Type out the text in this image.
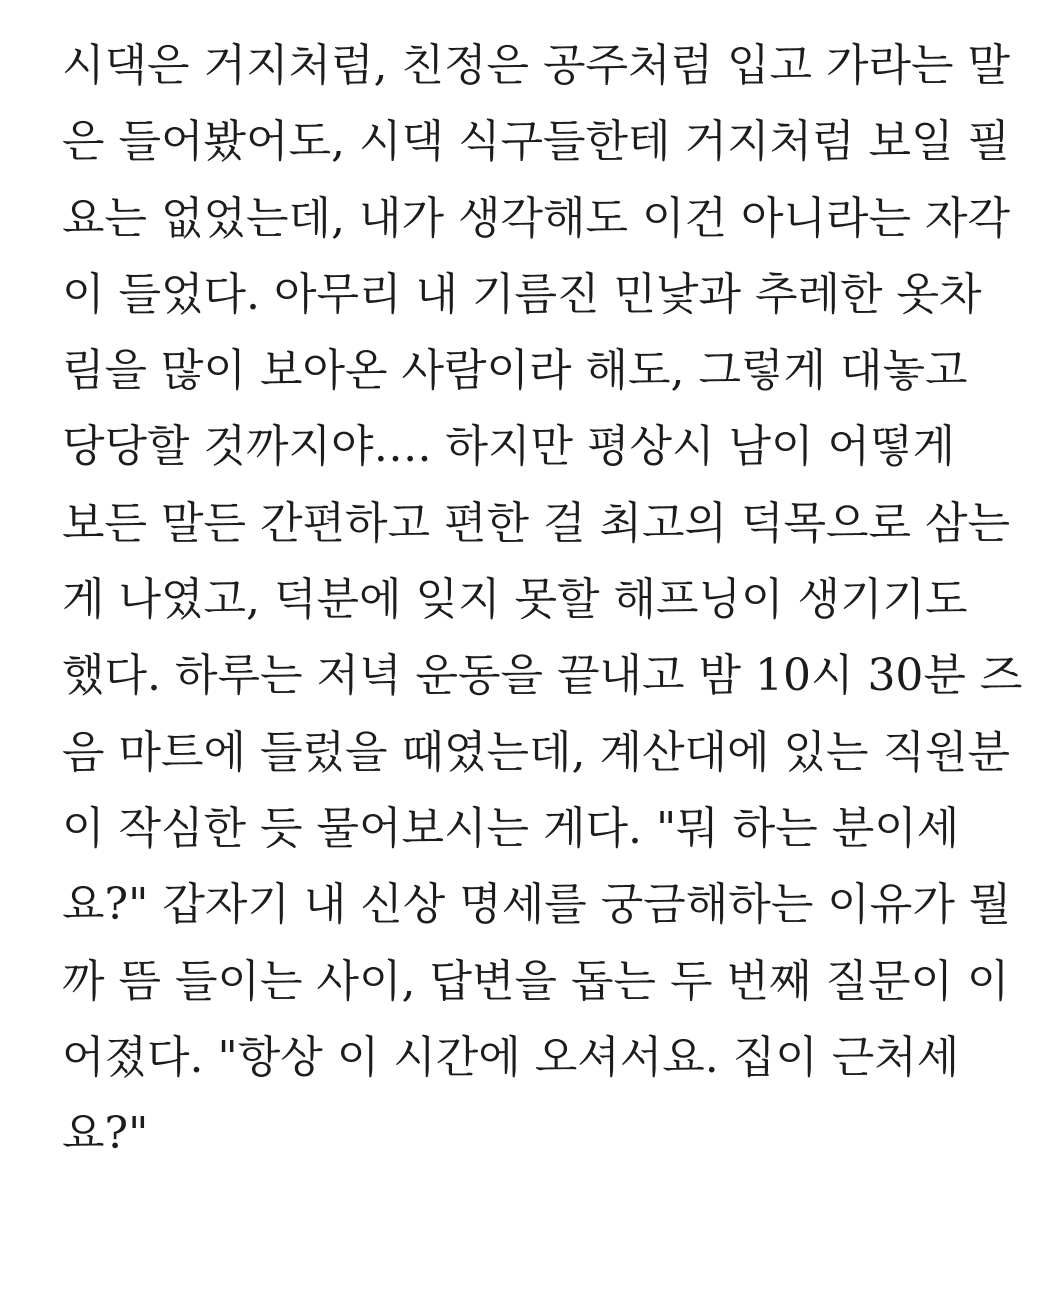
시댁은 거지처럼, 친정은 공주처럼 입고 가라는 말
은 들어봤어도, 시댁 식구들한테 거지처럼 보일 필
요는 없었는데, 내가 생각해도 이건 아니라는 자각
이 들었다. 아무리 내 기름진 민낯과 추레한 옷차
림을 많이 보아온 사람이라 해도, 그렇게 대놓고
당당할 것까지야…. 하지만 평상시 남이 어떻게
보든 말든 간편하고 편한 걸 최고의 덕목으로 삼는
게 나였고, 덕분에 잊지 못할 해프닝이 생기기도
했다. 하루는 저녁 운동을 끝내고 밤 10시 30분 즈
음 마트에 들렀을 때였는데, 계산대에 있는 직원분
이 작심한 듯 물어보시는 게다. "뭐 하는 분이세
요?" 갑자기 내 신상 명세를 궁금해하는 이유가 뭘
까 뜸 들이는 사이, 답변을 돕는 두 번째 질문이 이
어졌다. "항상 이 시간에 오셔서요. 집이 근처세
요?"
